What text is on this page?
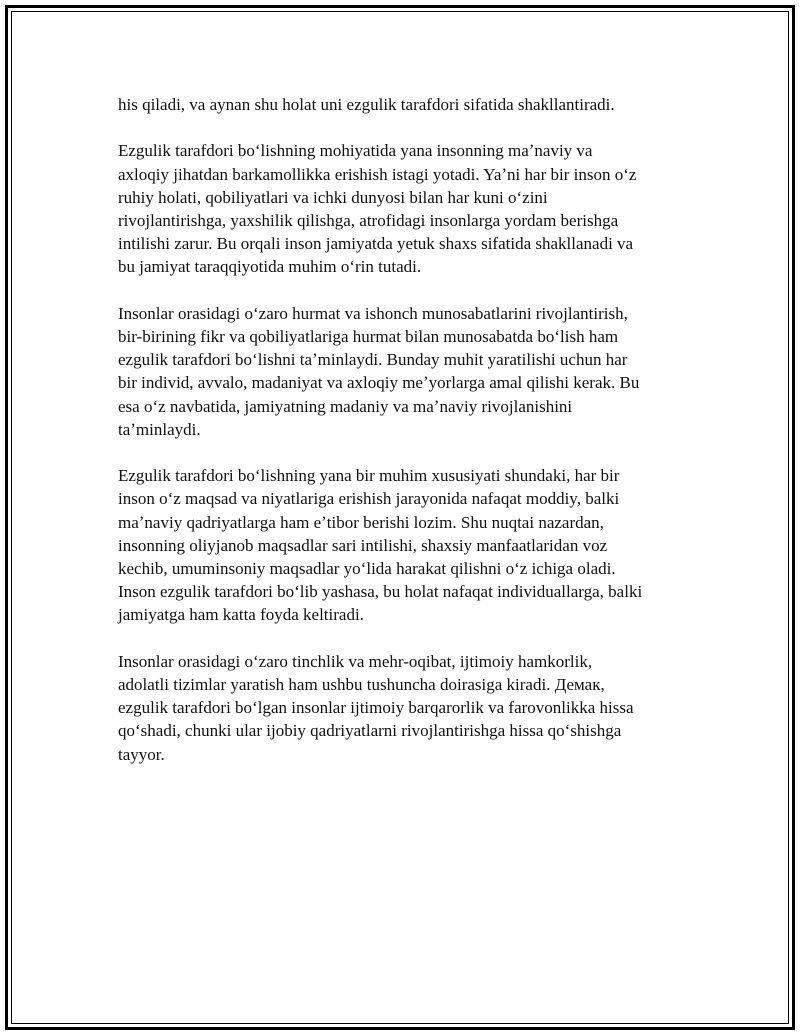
his qiladi, va aynan shu holat uni ezgulik tarafdori sifatida shakllantiradi.

Ezgulik tarafdori boʻlishning mohiyatida yana insonning maʼnaviy va
axloqiy jihatdan barkamollikka erishish istagi yotadi. Yaʼni har bir inson oʻz
ruhiy holati, qobiliyatlari va ichki dunyosi bilan har kuni oʻzini
rivojlantirishga, yaxshilik qilishga, atrofidagi insonlarga yordam berishga
intilishi zarur. Bu orqali inson jamiyatda yetuk shaxs sifatida shakllanadi va
bu jamiyat taraqqiyotida muhim oʻrin tutadi.

Insonlar orasidagi oʻzaro hurmat va ishonch munosabatlarini rivojlantirish,
bir-birining fikr va qobiliyatlariga hurmat bilan munosabatda boʻlish ham
ezgulik tarafdori boʻlishni taʼminlaydi. Bunday muhit yaratilishi uchun har
bir individ, avvalo, madaniyat va axloqiy meʼyorlarga amal qilishi kerak. Bu
esa oʻz navbatida, jamiyatning madaniy va maʼnaviy rivojlanishini
taʼminlaydi.

Ezgulik tarafdori boʻlishning yana bir muhim xususiyati shundaki, har bir
inson oʻz maqsad va niyatlariga erishish jarayonida nafaqat moddiy, balki
maʼnaviy qadriyatlarga ham eʼtibor berishi lozim. Shu nuqtai nazardan,
insonning oliyjanob maqsadlar sari intilishi, shaxsiy manfaatlaridan voz
kechib, umuminsoniy maqsadlar yoʻlida harakat qilishni oʻz ichiga oladi.
Inson ezgulik tarafdori boʻlib yashasa, bu holat nafaqat individuallarga, balki
jamiyatga ham katta foyda keltiradi.

Insonlar orasidagi oʻzaro tinchlik va mehr-oqibat, ijtimoiy hamkorlik,
adolatli tizimlar yaratish ham ushbu tushuncha doirasiga kiradi. Демак,
ezgulik tarafdori boʻlgan insonlar ijtimoiy barqarorlik va farovonlikka hissa
qoʻshadi, chunki ular ijobiy qadriyatlarni rivojlantirishga hissa qoʻshishga
tayyor.
